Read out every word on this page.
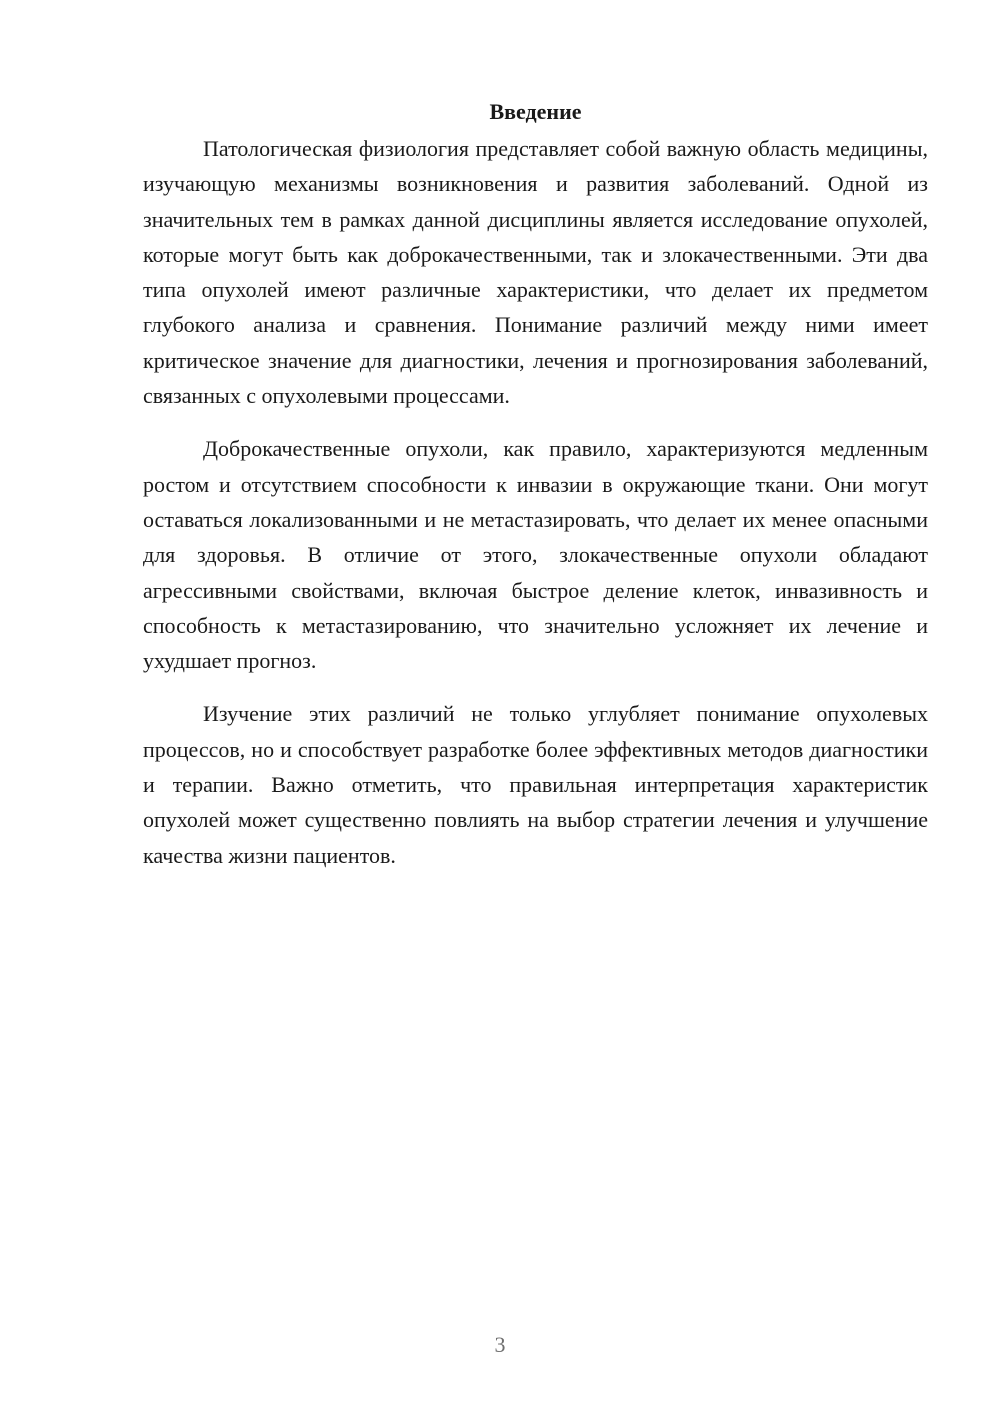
Введение

Патологическая физиология представляет собой важную область медицины, изучающую механизмы возникновения и развития заболеваний. Одной из значительных тем в рамках данной дисциплины является исследование опухолей, которые могут быть как доброкачественными, так и злокачественными. Эти два типа опухолей имеют различные характеристики, что делает их предметом глубокого анализа и сравнения. Понимание различий между ними имеет критическое значение для диагностики, лечения и прогнозирования заболеваний, связанных с опухолевыми процессами.

Доброкачественные опухоли, как правило, характеризуются медленным ростом и отсутствием способности к инвазии в окружающие ткани. Они могут оставаться локализованными и не метастазировать, что делает их менее опасными для здоровья. В отличие от этого, злокачественные опухоли обладают агрессивными свойствами, включая быстрое деление клеток, инвазивность и способность к метастазированию, что значительно усложняет их лечение и ухудшает прогноз.

Изучение этих различий не только углубляет понимание опухолевых процессов, но и способствует разработке более эффективных методов диагностики и терапии. Важно отметить, что правильная интерпретация характеристик опухолей может существенно повлиять на выбор стратегии лечения и улучшение качества жизни пациентов.

3
